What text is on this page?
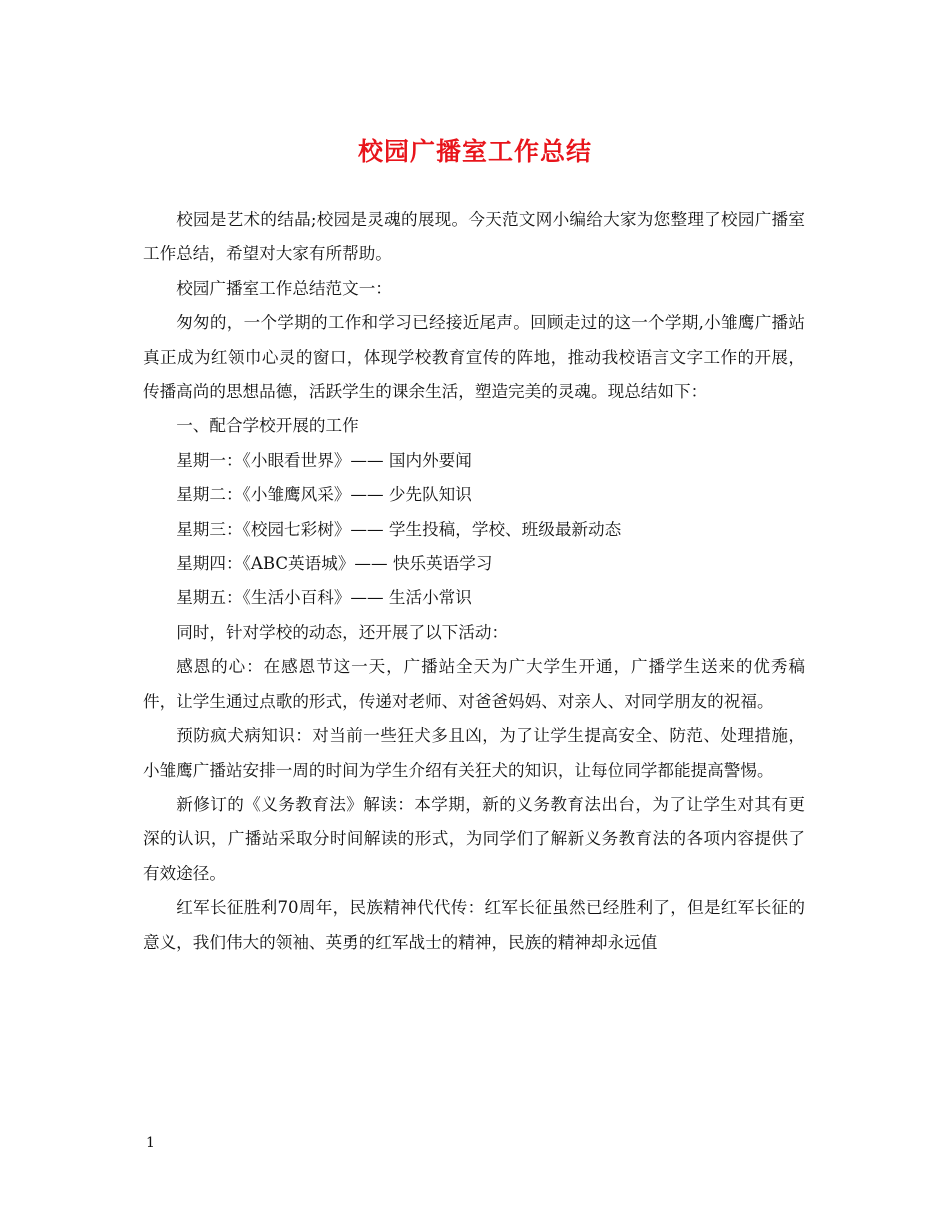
校园广播室工作总结

校园是艺术的结晶;校园是灵魂的展现。今天范文网小编给大家为您整理了校园广播室工作总结，希望对大家有所帮助。

校园广播室工作总结范文一：

匆匆的，一个学期的工作和学习已经接近尾声。回顾走过的这一个学期,小雏鹰广播站真正成为红领巾心灵的窗口，体现学校教育宣传的阵地，推动我校语言文字工作的开展，传播高尚的思想品德，活跃学生的课余生活，塑造完美的灵魂。现总结如下：

一、配合学校开展的工作

星期一：《小眼看世界》—— 国内外要闻

星期二：《小雏鹰风采》—— 少先队知识

星期三：《校园七彩树》—— 学生投稿，学校、班级最新动态

星期四：《ABC英语城》—— 快乐英语学习

星期五：《生活小百科》—— 生活小常识

同时，针对学校的动态，还开展了以下活动：

感恩的心：在感恩节这一天，广播站全天为广大学生开通，广播学生送来的优秀稿件，让学生通过点歌的形式，传递对老师、对爸爸妈妈、对亲人、对同学朋友的祝福。

预防疯犬病知识：对当前一些狂犬多且凶，为了让学生提高安全、防范、处理措施，小雏鹰广播站安排一周的时间为学生介绍有关狂犬的知识，让每位同学都能提高警惕。

新修订的《义务教育法》解读：本学期，新的义务教育法出台，为了让学生对其有更深的认识，广播站采取分时间解读的形式，为同学们了解新义务教育法的各项内容提供了有效途径。

红军长征胜利70周年，民族精神代代传：红军长征虽然已经胜利了，但是红军长征的意义，我们伟大的领袖、英勇的红军战士的精神，民族的精神却永远值

1
